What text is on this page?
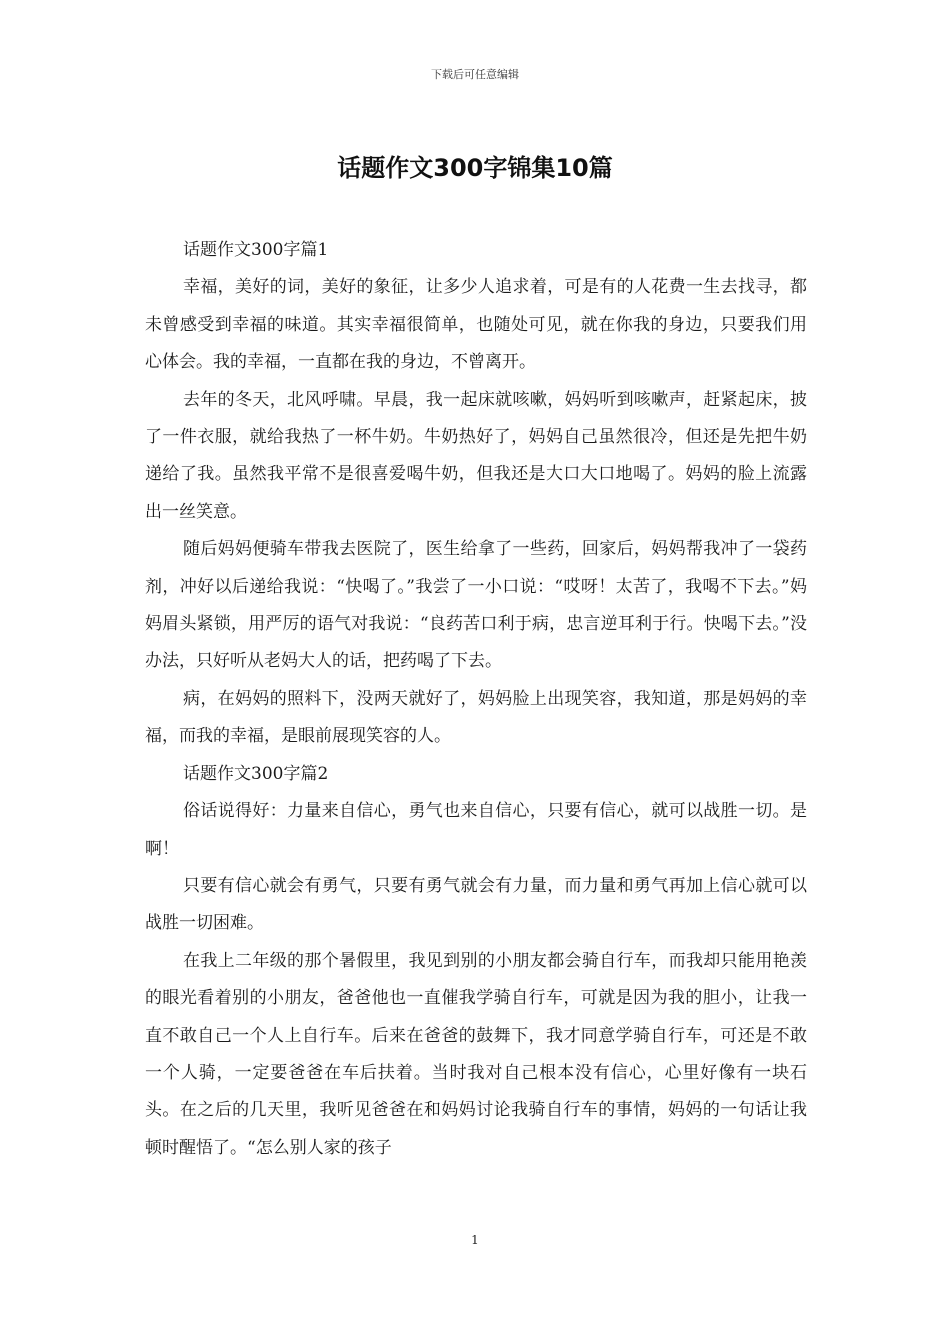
下载后可任意编辑
话题作文300字锦集10篇

话题作文300字篇1

幸福，美好的词，美好的象征，让多少人追求着，可是有的人花费一生去找寻，都未曾感受到幸福的味道。其实幸福很简单，也随处可见，就在你我的身边，只要我们用心体会。我的幸福，一直都在我的身边，不曾离开。

去年的冬天，北风呼啸。早晨，我一起床就咳嗽，妈妈听到咳嗽声，赶紧起床，披了一件衣服，就给我热了一杯牛奶。牛奶热好了，妈妈自己虽然很冷，但还是先把牛奶递给了我。虽然我平常不是很喜爱喝牛奶，但我还是大口大口地喝了。妈妈的脸上流露出一丝笑意。

随后妈妈便骑车带我去医院了，医生给拿了一些药，回家后，妈妈帮我冲了一袋药剂，冲好以后递给我说：“快喝了。”我尝了一小口说：“哎呀！太苦了，我喝不下去。”妈妈眉头紧锁，用严厉的语气对我说：“良药苦口利于病，忠言逆耳利于行。快喝下去。”没办法，只好听从老妈大人的话，把药喝了下去。

病，在妈妈的照料下，没两天就好了，妈妈脸上出现笑容，我知道，那是妈妈的幸福，而我的幸福，是眼前展现笑容的人。

话题作文300字篇2

俗话说得好：力量来自信心，勇气也来自信心，只要有信心，就可以战胜一切。是啊！

只要有信心就会有勇气，只要有勇气就会有力量，而力量和勇气再加上信心就可以战胜一切困难。

在我上二年级的那个暑假里，我见到别的小朋友都会骑自行车，而我却只能用艳羡的眼光看着别的小朋友，爸爸他也一直催我学骑自行车，可就是因为我的胆小，让我一直不敢自己一个人上自行车。后来在爸爸的鼓舞下，我才同意学骑自行车，可还是不敢一个人骑，一定要爸爸在车后扶着。当时我对自己根本没有信心，心里好像有一块石头。在之后的几天里，我听见爸爸在和妈妈讨论我骑自行车的事情，妈妈的一句话让我顿时醒悟了。“怎么别人家的孩子

1
